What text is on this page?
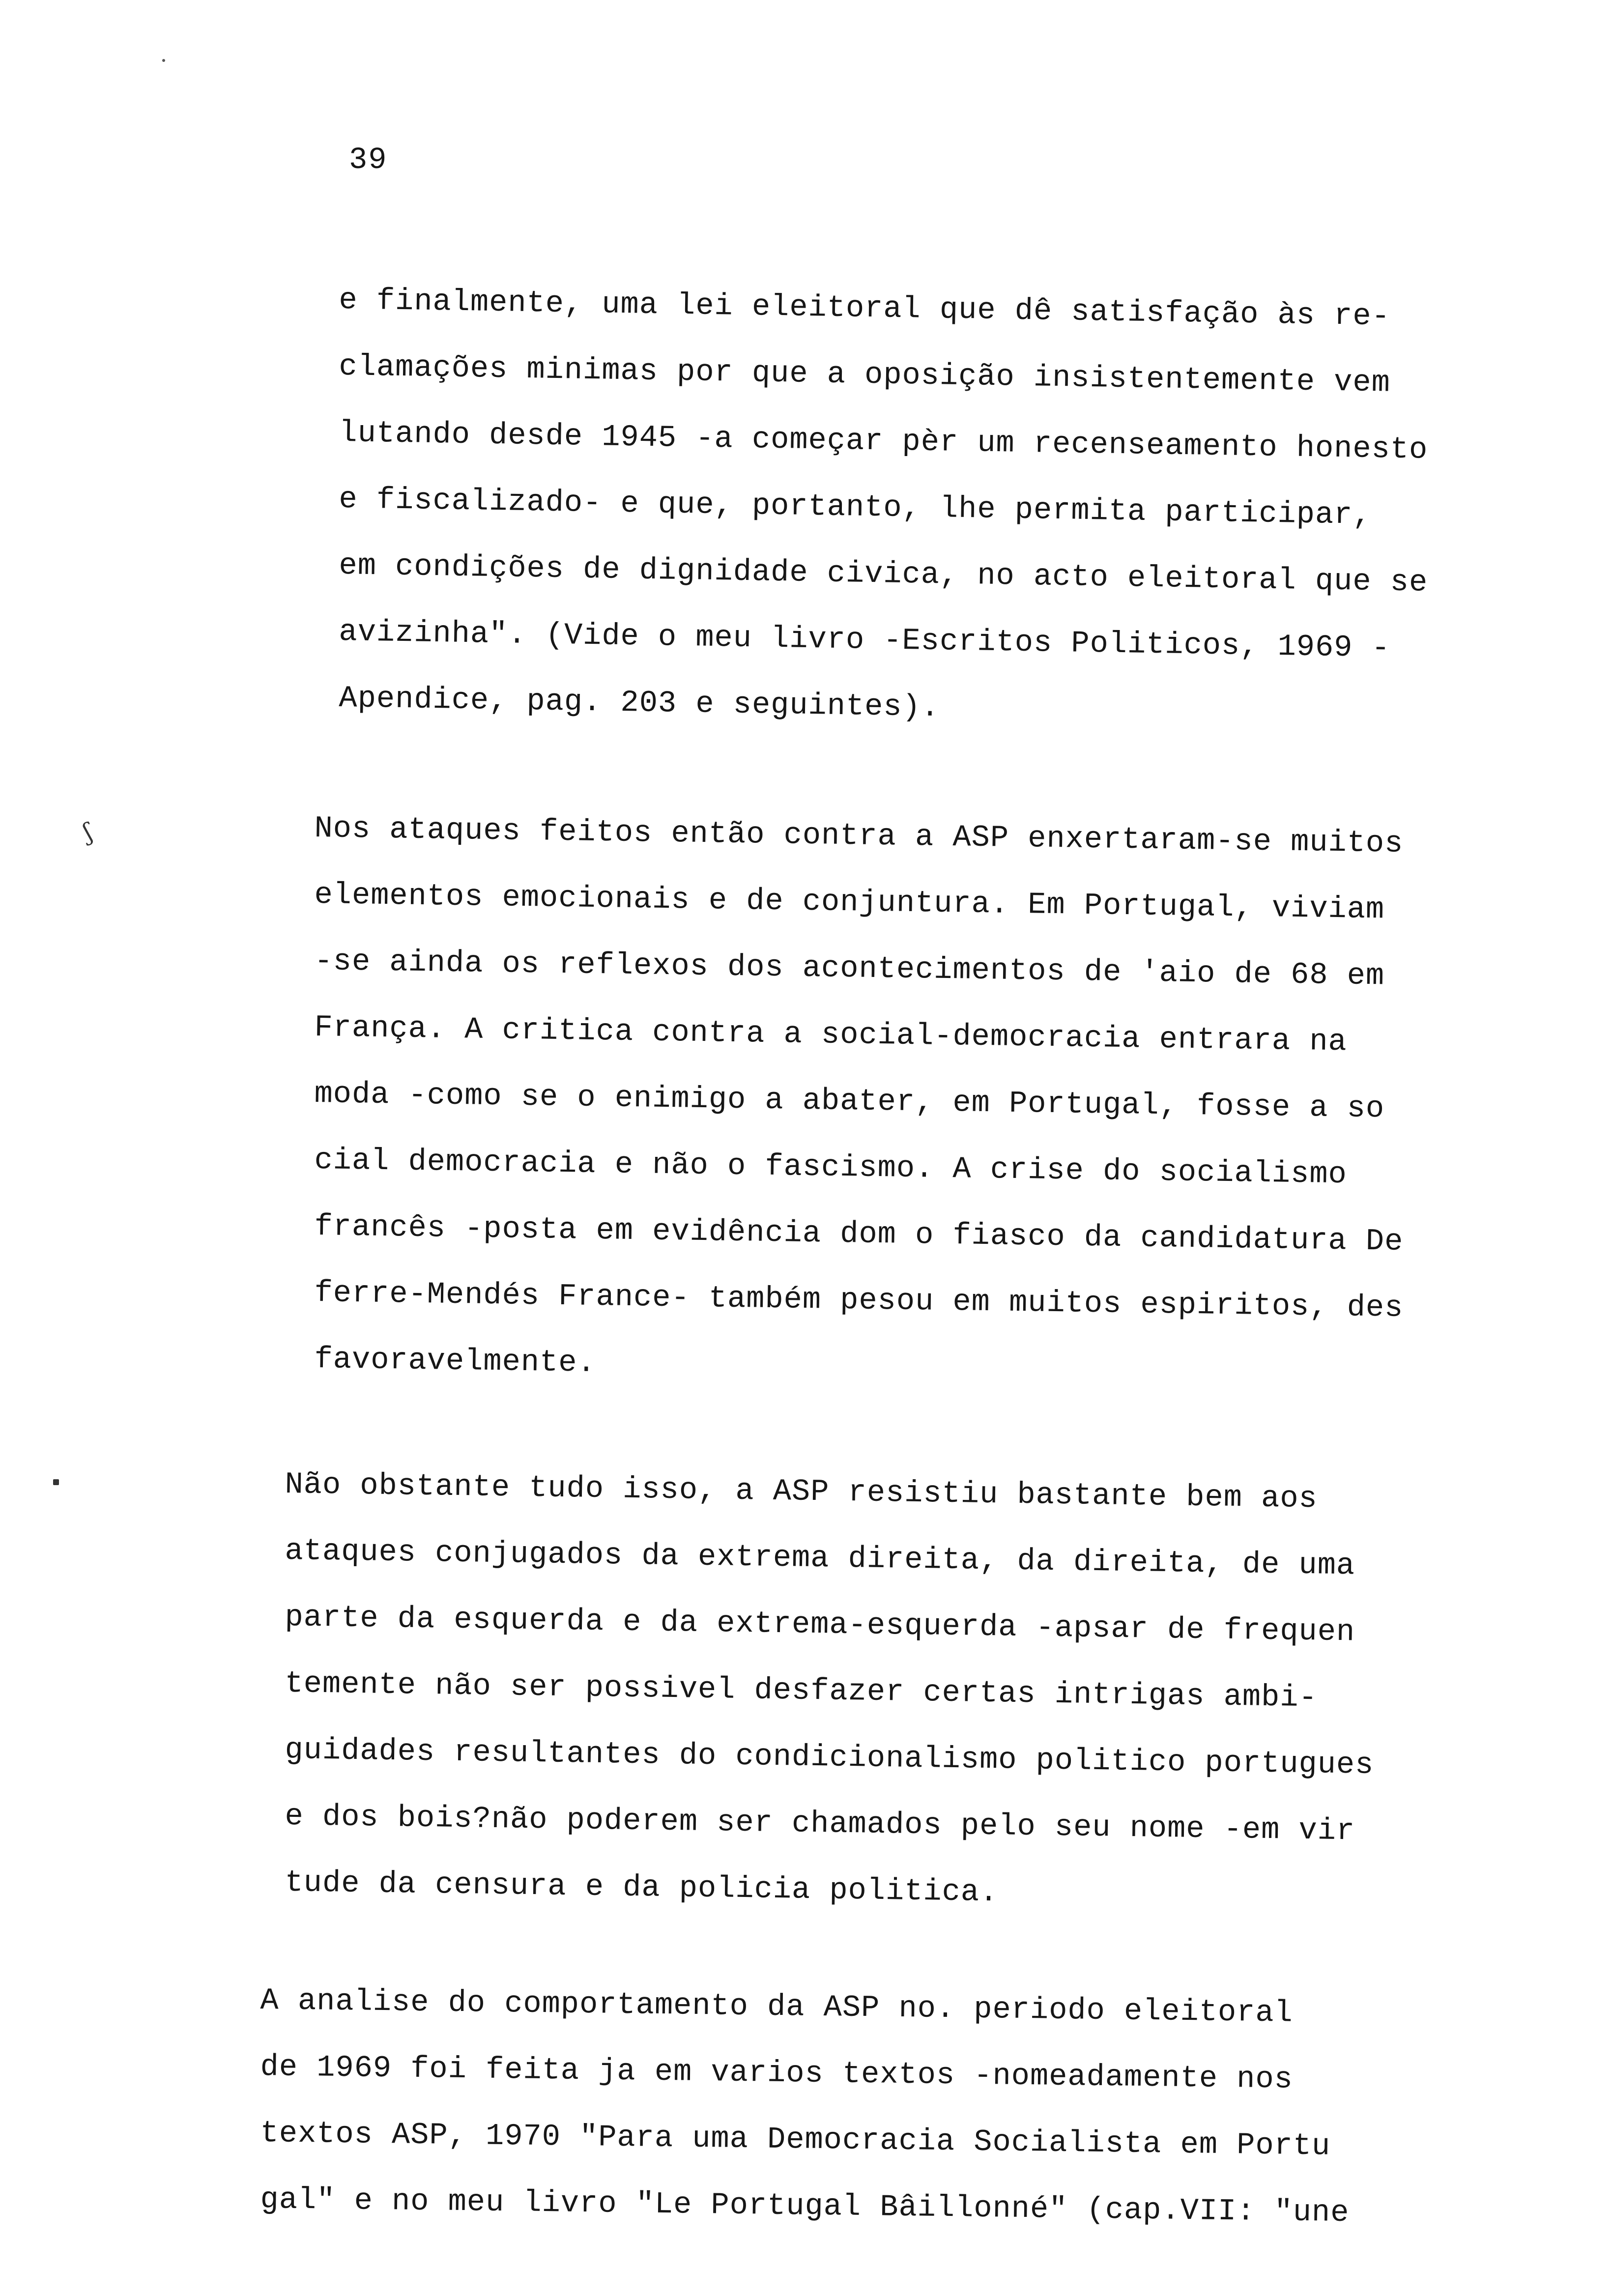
39
e finalmente, uma lei eleitoral que dê satisfação às re-
clamações minimas por que a oposição insistentemente vem
lutando desde 1945 -a começar pèr um recenseamento honesto
e fiscalizado- e que, portanto, lhe permita participar,
em condições de dignidade civica, no acto eleitoral que se
avizinha". (Vide o meu livro -Escritos Politicos, 1969 -
Apendice, pag. 203 e seguintes).
ʃ	Nos ataques feitos então contra a ASP enxertaram-se muitos
elementos emocionais e de conjuntura. Em Portugal, viviam
-se ainda os reflexos dos acontecimentos de 'aio de 68 em
França. A critica contra a social-democracia entrara na
moda -como se o enimigo a abater, em Portugal, fosse a so
cial democracia e não o fascismo. A crise do socialismo
francês -posta em evidência dom o fiasco da candidatura De
ferre-Mendés France- também pesou em muitos espiritos, des
favoravelmente.
Não obstante tudo isso, a ASP resistiu bastante bem aos
ataques conjugados da extrema direita, da direita, de uma
parte da esquerda e da extrema-esquerda -apsar de frequen
temente não ser possivel desfazer certas intrigas ambi-
guidades resultantes do condicionalismo politico portugues
e dos bois?não poderem ser chamados pelo seu nome -em vir
tude da censura e da policia politica.
A analise do comportamento da ASP no. periodo eleitoral
de 1969 foi feita ja em varios textos -nomeadamente nos
textos ASP, 1970 "Para uma Democracia Socialista em Portu
gal" e no meu livro "Le Portugal Bâillonné" (cap.VII: "une
